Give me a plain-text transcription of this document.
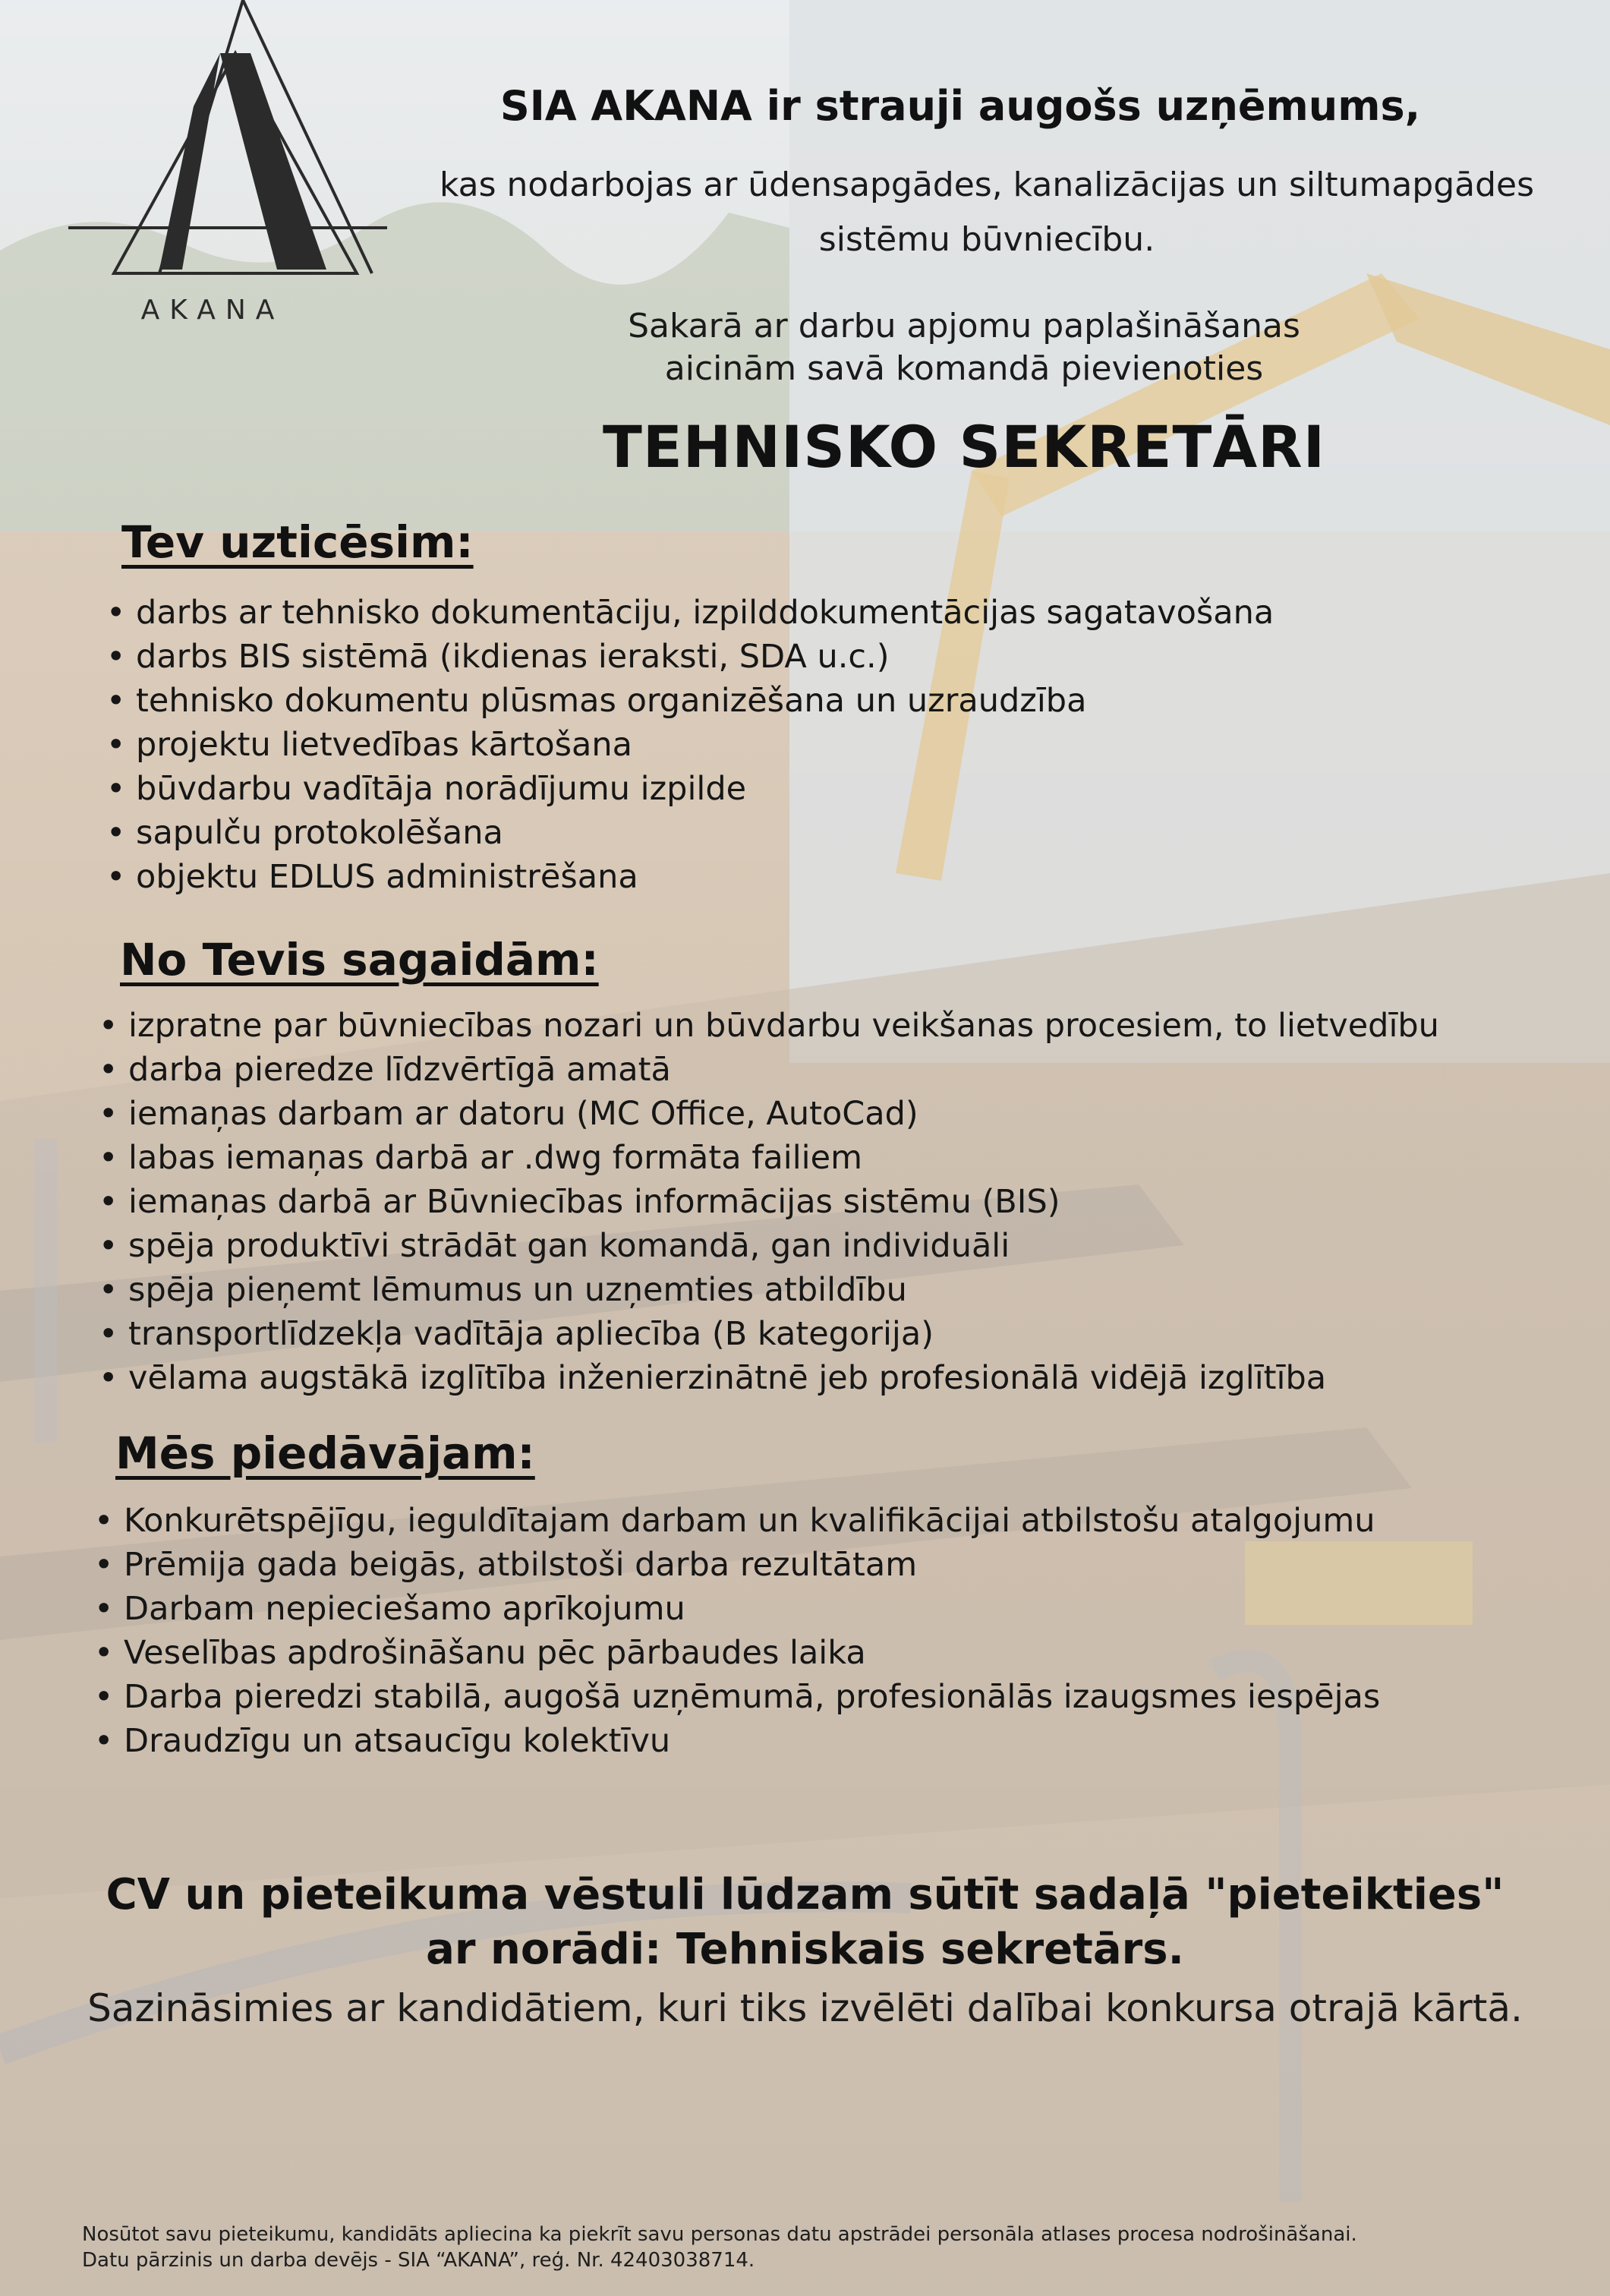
AKANA
SIA AKANA ir strauji augošs uzņēmums,
kas nodarbojas ar ūdensapgādes, kanalizācijas un siltumapgādes
sistēmu būvniecību.
Sakarā ar darbu apjomu paplašināšanas
aicinām savā komandā pievienoties
TEHNISKO SEKRETĀRI
Tev uzticēsim:
• darbs ar tehnisko dokumentāciju, izpilddokumentācijas sagatavošana
• darbs BIS sistēmā (ikdienas ieraksti, SDA u.c.)
• tehnisko dokumentu plūsmas organizēšana un uzraudzība
• projektu lietvedības kārtošana
• būvdarbu vadītāja norādījumu izpilde
• sapulču protokolēšana
• objektu EDLUS administrēšana
No Tevis sagaidām:
• izpratne par būvniecības nozari un būvdarbu veikšanas procesiem, to lietvedību
• darba pieredze līdzvērtīgā amatā
• iemaņas darbam ar datoru (MC Office, AutoCad)
• labas iemaņas darbā ar .dwg formāta failiem
• iemaņas darbā ar Būvniecības informācijas sistēmu (BIS)
• spēja produktīvi strādāt gan komandā, gan individuāli
• spēja pieņemt lēmumus un uzņemties atbildību
• transportlīdzekļa vadītāja apliecība (B kategorija)
• vēlama augstākā izglītība inženierzinātnē jeb profesionālā vidējā izglītība
Mēs piedāvājam:
• Konkurētspējīgu, ieguldītajam darbam un kvalifikācijai atbilstošu atalgojumu
• Prēmija gada beigās, atbilstoši darba rezultātam
• Darbam nepieciešamo aprīkojumu
• Veselības apdrošināšanu pēc pārbaudes laika
• Darba pieredzi stabilā, augošā uzņēmumā, profesionālās izaugsmes iespējas
• Draudzīgu un atsaucīgu kolektīvu
CV un pieteikuma vēstuli lūdzam sūtīt sadaļā "pieteikties"
ar norādi: Tehniskais sekretārs.
Sazināsimies ar kandidātiem, kuri tiks izvēlēti dalībai konkursa otrajā kārtā.
Nosūtot savu pieteikumu, kandidāts apliecina ka piekrīt savu personas datu apstrādei personāla atlases procesa nodrošināšanai.
Datu pārzinis un darba devējs - SIA “AKANA”, reģ. Nr. 42403038714.
